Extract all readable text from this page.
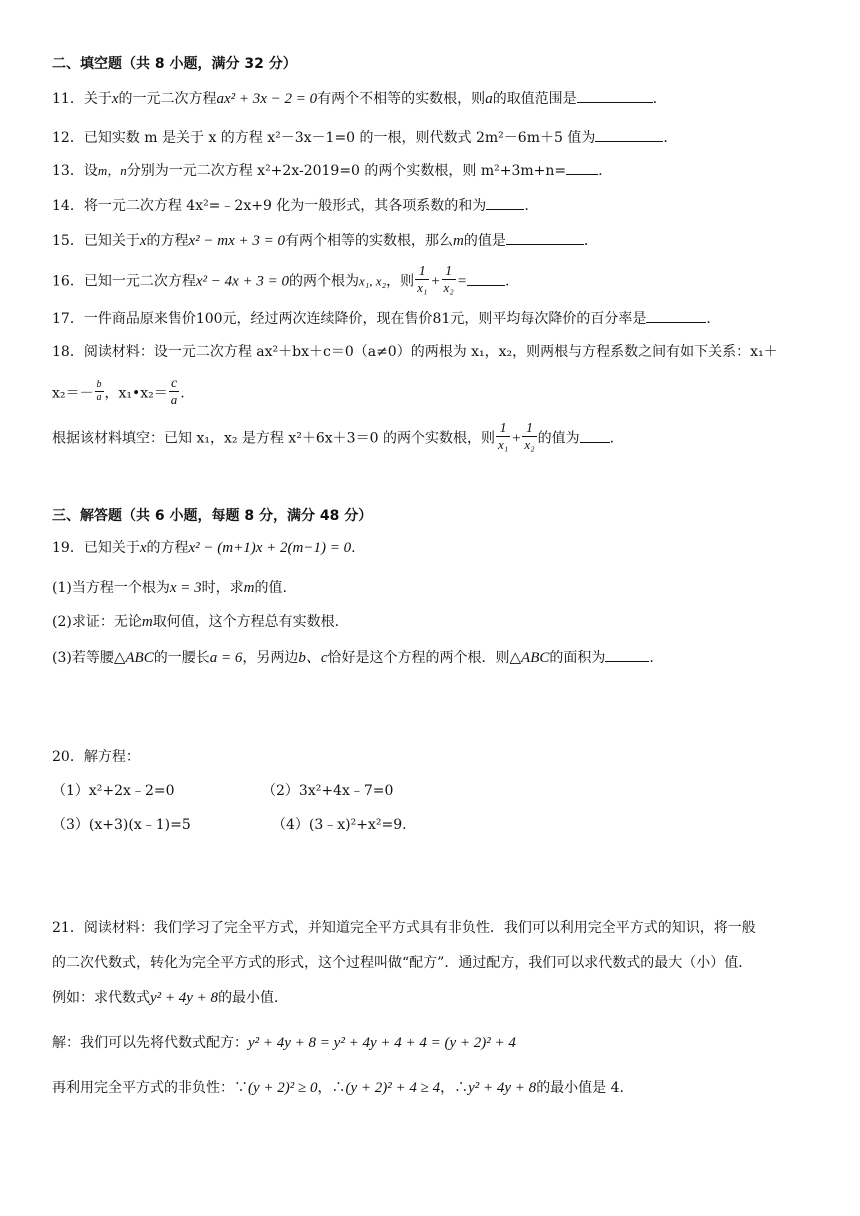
二、填空题（共 8 小题，满分 32 分）
11．关于x的一元二次方程ax² + 3x − 2 = 0有两个不相等的实数根，则a的取值范围是	．
12．已知实数 m 是关于 x 的方程 x²－3x－1=0 的一根，则代数式 2m²－6m＋5 值为	．
13．设m，n分别为一元二次方程 x²+2x-2019=0 的两个实数根，则 m²+3m+n= .
14．将一元二次方程 4x²=﹣2x+9 化为一般形式，其各项系数的和为	.
15．已知关于x的方程x² − mx + 3 = 0有两个相等的实数根，那么m的值是	．
16．已知一元二次方程x² − 4x + 3 = 0的两个根为x₁, x₂，则 $\frac{1}{\text{x₁}} + \frac{1}{\text{x₂}}$ =	.
17．一件商品原来售价100元，经过两次连续降价，现在售价81元，则平均每次降价的百分率是	．
18．阅读材料：设一元二次方程 ax²＋bx＋c＝0（a≠0）的两根为 x₁，x₂，则两根与方程系数之间有如下关系：x₁＋
$x_2=- \frac{b}{a}$ ，x₁•x₂＝ $\frac{c}{a}$ .
根据该材料填空：已知 x₁，x₂ 是方程 x²＋6x＋3＝0 的两个实数根，则 $\frac{1}{\text{x₁}} + \frac{1}{\text{x₂}}$ 的值为 .
三、解答题（共 6 小题，每题 8 分，满分 48 分）
19．已知关于x的方程x² − (m+1)x + 2(m−1) = 0.
(1)当方程一个根为x = 3时，求m的值.
(2)求证：无论m取何值，这个方程总有实数根.
(3)若等腰△ABC的一腰长a = 6，另两边b、c恰好是这个方程的两个根．则△ABC的面积为	.
20．解方程：
（1）x²+2x﹣2=0	（2）3x²+4x﹣7=0
（3）(x+3)(x﹣1)=5	（4）(3﹣x)²+x²=9.
21．阅读材料：我们学习了完全平方式，并知道完全平方式具有非负性．我们可以利用完全平方式的知识，将一般
的二次代数式，转化为完全平方式的形式，这个过程叫做“配方”．通过配方，我们可以求代数式的最大（小）值．
例如：求代数式y² + 4y + 8的最小值．
解：我们可以先将代数式配方：y² + 4y + 8 = y² + 4y + 4 + 4 = (y + 2)² + 4
再利用完全平方式的非负性：∵(y + 2)² ≥ 0，∴(y + 2)² + 4 ≥ 4，∴y² + 4y + 8的最小值是 4.
